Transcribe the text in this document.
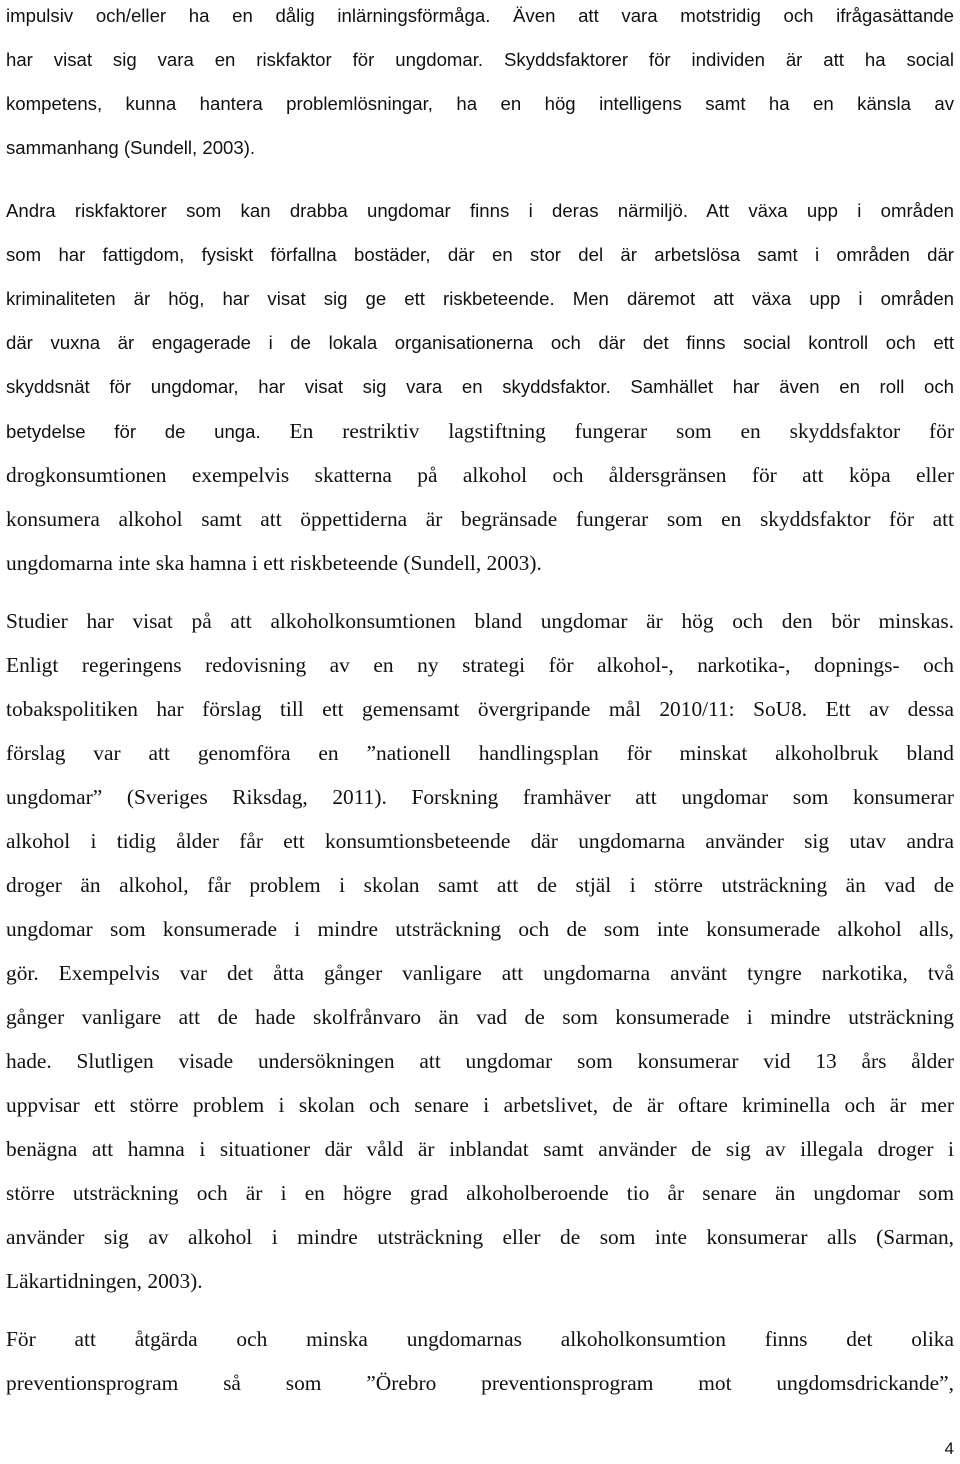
impulsiv och/eller ha en dålig inlärningsförmåga. Även att vara motstridig och ifrågasättande
har visat sig vara en riskfaktor för ungdomar. Skyddsfaktorer för individen är att ha social
kompetens, kunna hantera problemlösningar, ha en hög intelligens samt ha en känsla av
sammanhang (Sundell, 2003).
Andra riskfaktorer som kan drabba ungdomar finns i deras närmiljö. Att växa upp i områden
som har fattigdom, fysiskt förfallna bostäder, där en stor del är arbetslösa samt i områden där
kriminaliteten är hög, har visat sig ge ett riskbeteende. Men däremot att växa upp i områden
där vuxna är engagerade i de lokala organisationerna och där det finns social kontroll och ett
skyddsnät för ungdomar, har visat sig vara en skyddsfaktor. Samhället har även en roll och
betydelse för de unga. En restriktiv lagstiftning fungerar som en skyddsfaktor för
drogkonsumtionen exempelvis skatterna på alkohol och åldersgränsen för att köpa eller
konsumera alkohol samt att öppettiderna är begränsade fungerar som en skyddsfaktor för att
ungdomarna inte ska hamna i ett riskbeteende (Sundell, 2003).
Studier har visat på att alkoholkonsumtionen bland ungdomar är hög och den bör minskas.
Enligt regeringens redovisning av en ny strategi för alkohol-, narkotika-, dopnings- och
tobakspolitiken har förslag till ett gemensamt övergripande mål 2010/11: SoU8. Ett av dessa
förslag var att genomföra en ”nationell handlingsplan för minskat alkoholbruk bland
ungdomar” (Sveriges Riksdag, 2011). Forskning framhäver att ungdomar som konsumerar
alkohol i tidig ålder får ett konsumtionsbeteende där ungdomarna använder sig utav andra
droger än alkohol, får problem i skolan samt att de stjäl i större utsträckning än vad de
ungdomar som konsumerade i mindre utsträckning och de som inte konsumerade alkohol alls,
gör. Exempelvis var det åtta gånger vanligare att ungdomarna använt tyngre narkotika, två
gånger vanligare att de hade skolfrånvaro än vad de som konsumerade i mindre utsträckning
hade. Slutligen visade undersökningen att ungdomar som konsumerar vid 13 års ålder
uppvisar ett större problem i skolan och senare i arbetslivet, de är oftare kriminella och är mer
benägna att hamna i situationer där våld är inblandat samt använder de sig av illegala droger i
större utsträckning och är i en högre grad alkoholberoende tio år senare än ungdomar som
använder sig av alkohol i mindre utsträckning eller de som inte konsumerar alls (Sarman,
Läkartidningen, 2003).
För att åtgärda och minska ungdomarnas alkoholkonsumtion finns det olika
preventionsprogram så som ”Örebro preventionsprogram mot ungdomsdrickande”,
4
